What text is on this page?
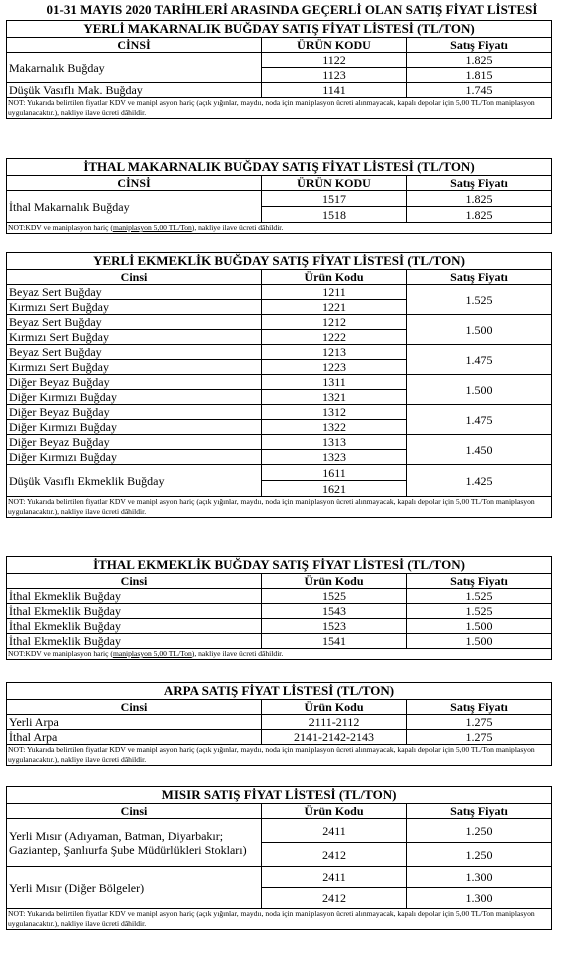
01-31 MAYIS 2020 TARİHLERİ ARASINDA GEÇERLİ OLAN SATIŞ FİYAT LİSTESİ
YERLİ MAKARNALIK BUĞDAY SATIŞ FİYAT LİSTESİ (TL/TON)		
CİNSİ	ÜRÜN KODU	Satış Fiyatı
Makarnalık Buğday	1122	1.825
	1123	1.815
Düşük Vasıflı Mak. Buğday	1141	1.745
NOT: Yukarıda belirtilen fiyatlar KDV ve manipl asyon hariç (açık yığınlar, maydıı, noda için maniplasyon ücreti alınmayacak, kapalı depolar için 5,00 TL/Ton maniplasyon uygulanacaktır.), nakliye ilave ücreti dâhildir.		
İTHAL MAKARNALIK BUĞDAY SATIŞ FİYAT LİSTESİ (TL/TON)		
CİNSİ	ÜRÜN KODU	Satış Fiyatı
İthal Makarnalık Buğday	1517	1.825
	1518	1.825
NOT:KDV ve maniplasyon hariç (maniplasyon 5,00 TL/Ton), nakliye ilave ücreti dâhildir.		
YERLİ EKMEKLİK BUĞDAY SATIŞ FİYAT LİSTESİ (TL/TON)		
Cinsi	Ürün Kodu	Satış Fiyatı
Beyaz Sert Buğday	1211	1.525
Kırmızı Sert Buğday	1221	
Beyaz Sert Buğday	1212	1.500
Kırmızı Sert Buğday	1222	
Beyaz Sert Buğday	1213	1.475
Kırmızı Sert Buğday	1223	
Diğer Beyaz Buğday	1311	1.500
Diğer Kırmızı Buğday	1321	
Diğer Beyaz Buğday	1312	1.475
Diğer Kırmızı Buğday	1322	
Diğer Beyaz Buğday	1313	1.450
Diğer Kırmızı Buğday	1323	
Düşük Vasıflı Ekmeklik Buğday	1611	1.425
	1621	
NOT: Yukarıda belirtilen fiyatlar KDV ve manipl asyon hariç (açık yığınlar, maydıı, noda için maniplasyon ücreti alınmayacak, kapalı depolar için 5,00 TL/Ton maniplasyon uygulanacaktır.), nakliye ilave ücreti dâhildir.		
İTHAL EKMEKLİK BUĞDAY SATIŞ FİYAT LİSTESİ (TL/TON)		
Cinsi	Ürün Kodu	Satış Fiyatı
İthal Ekmeklik Buğday	1525	1.525
İthal Ekmeklik Buğday	1543	1.525
İthal Ekmeklik Buğday	1523	1.500
İthal Ekmeklik Buğday	1541	1.500
NOT:KDV ve maniplasyon hariç (maniplasyon 5,00 TL/Ton), nakliye ilave ücreti dâhildir.		
ARPA SATIŞ FİYAT LİSTESİ (TL/TON)		
Cinsi	Ürün Kodu	Satış Fiyatı
Yerli Arpa	2111-2112	1.275
İthal Arpa	2141-2142-2143	1.275
NOT: Yukarıda belirtilen fiyatlar KDV ve manipl asyon hariç (açık yığınlar, maydıı, noda için maniplasyon ücreti alınmayacak, kapalı depolar için 5,00 TL/Ton maniplasyon uygulanacaktır.), nakliye ilave ücreti dâhildir.		
MISIR SATIŞ FİYAT LİSTESİ (TL/TON)		
Cinsi	Ürün Kodu	Satış Fiyatı
Yerli Mısır (Adıyaman, Batman, Diyarbakır; Gaziantep, Şanlıurfa Şube Müdürlükleri Stokları)	2411	1.250
	2412	1.250
Yerli Mısır (Diğer Bölgeler)	2411	1.300
	2412	1.300
NOT: Yukarıda belirtilen fiyatlar KDV ve manipl asyon hariç (açık yığınlar, maydıı, noda için maniplasyon ücreti alınmayacak, kapalı depolar için 5,00 TL/Ton maniplasyon uygulanacaktır.), nakliye ilave ücreti dâhildir.		
